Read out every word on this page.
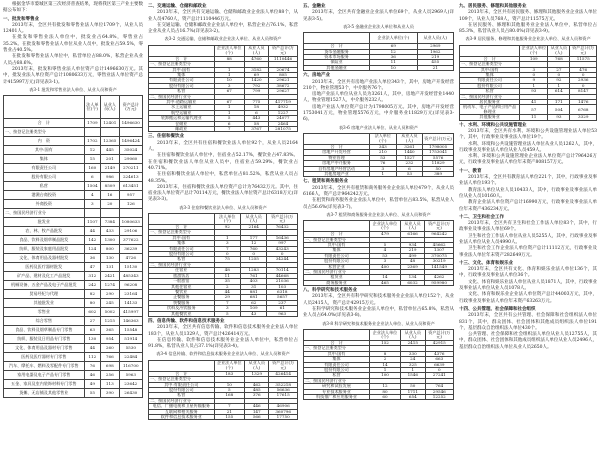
根据金华市婺城区第三次经济普查结果，现将我区第三产业主要数据公布如下：

一、批发和零售业

2013年末，全区共有批发和零售业法人单位1709个，从业人员12401人。

在批发和零售业法人单位中，批发业占64.8%，零售业占35.2%。在批发和零售业法人单位从业人员中，批发业占59.5%，零售业占40.5%。

在批发和零售业法人单位中，私营单位占88.0%，私营企业从业人员占68.6%。

2013年末，批发和零售业法人单位资产总计1496630万元。其中，批发业法人单位资产总计1080633万元，零售业法人单位资产总计415997万元(详见表3-1)。

表3-1 批发和零售业法人单位、从业人员和资产
	法人单位(个)	从业人员(人)	资产总计(万元)
合　计	1709	12401	1496630
一、按登记注册类型分			
内　资	1702	12365	1496424
其中:国有	12	445	35024
集体	15	201	29060
有限责任公司	160	2149	270211
股份有限公司	6	986	224613
私营	1504	8509	613451
港澳台商投资	4	16	957
外商投资	3	20	126
二、按国民经济行业分			
批发业	1107	7384	1080633
农、林、牧产品批发	44	433	29106
食品、饮料及烟草制品批发	142	1300	377622
纺织、服装及家庭用品批发	124	800	36239
文化、体育用品及器材批发	36	130	4726
医药及医疗器材批发	47	131	15130
矿产品、建材及化工产品批发	312	2421	485343
机械设备、五金产品及电子产品批发	242	1274	96208
贸易经纪与代理	82	290	23164
其他批发业	80	245	14133
零售业	602	5002	415997
综合零售	27	1215	146363
食品、饮料及烟草制品专门零售	63	365	15548
纺织、服装及日用品专门零售	130	954	51914
文化、体育用品及器材专门零售	44	260	5530
医药及医疗器材专门零售	112	766	22484
汽车、摩托车、燃料及零配件专门零售	76	698	116700
家用电器及电子产品专门零售	46	256	5963
五金、家具及室内装饰材料专门零售	49	113	23642
货摊、无店铺及其他零售业	55	390	26430
二、交通运输、仓储和邮政业

2013年末，全区共有交通运输、仓储和邮政业企业法人单位88个，从业人员4760人，资产总计1110446万元。

在交通运输、仓储和邮政业企业法人单位中，私营企业占76.1%，私营企业从业人员占16.7%(详见表3-2)。

表3-2 交通运输、仓储和邮政业企业法人单位、从业人员和资产
	企业法人单位(个)	从业人员(人)	资产总计(万元)
合　计	88	4760	1110446
一、按登记注册类型分			
其中:国有	1	3182	20674
集体	1	69	805
有限责任公司	10	1420	29621
股份有限公司	3	792	38672
私营	67	799	29627
二、按国民经济行业分			
其中:道路运输业	67	775	417719
水上运输业	1	18	4932
航空运输业	1	6	1227
装卸搬运和运输代理业	5	443	24077
仓储业	6	58	2464
邮政业	7	3767	281075
三、住宿和餐饮业

2013年末，全区共有住宿和餐饮业法人单位92个，从业人员2164人。

在住宿和餐饮业法人单位中，住宿业占52.17%，餐饮业占47.83%。在住宿和餐饮业法人单位从业人员中，住宿业占59.29%，餐饮业占40.71%。

在住宿和餐饮业法人单位中，私营单位占81.52%，私营从业人员占48.35%。

2013年末，住宿和餐饮业法人单位资产总计为76432万元。其中，住宿业法人单位资产总计70114万元，餐饮业法人单位资产总计6318万元(详见表3-3)。

表3-3 住宿和餐饮业法人单位、从业人员和资产
	法人单位(个)	从业人员(人)	资产总计(万元)
合　计	92	2164	76432
一、按登记注册类型分			
其中:国有	1	177	16436
集体	3	12	997
有限责任公司	7	760	43243
股份有限公司	0	0	0
私营	75	1255	34244
二、按国民经济行业分			
住宿业	48	1283	70114
旅游饭店	11	761	44668
一般旅馆	35	403	21036
其他住宿业	2	31	103
餐饮业	44	881	6318
正餐服务	29	681	5657
快餐服务	7	62	237
饮料及冷饮服务	3	109	61
其他餐饮业	5	43	963
四、信息传输、软件和信息技术服务业

2013年末，全区共有信息传输、软件和信息技术服务业企业法人单位183个，从业人员1329人，资产总计426414万元。

在信息传输、软件和信息技术服务业企业法人单位中，私营单位占91.8%，私营从业人员占37.1%(详见表3-4)。

表3-4 信息传输、软件和信息技术服务业企业法人单位、从业人员和资产
	企业法人单位(个)	从业人员(人)	资产总计(万元)
合　计	183	1329	426414
一、按登记注册类型分			
其中:有限责任公司	10	462	352218
股份有限公司	5	485	56636
私营	168	376	17615
二、按国民经济行业分			
电信、广播电视和卫星传输服务	7	446	46906
互联网和相关服务	21	147	360796
软件和信息技术服务业	155	566	17750
五、金融业

2013年末，全区共有金融业企业法人单位69个，从业人员2969人(详见表3-5)。

表3-5 金融业企业法人单位和从业人员
	企业法人单位(个)	从业人员(人)
合　计	69	2969
货币金融服务	12	1962
资本市场服务	36	219
保险业	11	455
其他金融业	10	21
六、房地产业

2013年末，全区共有房地产业法人单位343个，其中，房地产开发经营210个，物业管理53个，中介服务76个。

房地产业法人单位从业人员为3261人，其中，房地产开发经营业1440人，物业管理1527人，中介服务232人。

房地产业法人单位资产总计为1798005万元。其中，房地产开发经营1753041万元，物业管理5576万元，中介服务业11829万元(详见表3-6)。

表3-6 房地产业法人单位、从业人员和资产
	法人单位(个)	从业人员(人)	资产总计(万元)
合　计	343	3261	1798005
房地产开发经营	210	1440	1753041
物业管理	53	1527	5576
房地产中介服务	76	232	11829
自有房地产经营活动	3	6	50
其他房地产业	1	53	389
七、租赁和商务服务业

2013年末，全区共有租赁和商务服务业企业法人单位479个，从业人员6166人，资产总计964242万元。

在租赁和商务服务业企业法人单位中，私营单位占83.5%，私营从业人员占56.6%(详见表3-7)。

表3-7 租赁和商务服务业企业法人单位、从业人员和资产
	企业法人单位(个)	从业人员(人)	资产总计(万元)
合　计	479	6166	964242
一、按登记注册类型分			
其中:国有	5	934	45662
集体	4	219	1307
有限责任公司	53	499	370075
股份有限公司	3	48	30219
私营企业	400	2369	141549
二、按国民经济行业分			
租赁业	14	134	4262
商务服务业	465	6032	959980
八、科学研究和技术服务业

2013年末，全区共有科学研究和技术服务业企业法人单位152个，从业人员2415人，资产总计42915万元。

在科学研究和技术服务业企业法人单位中，私营单位占65.8%，私营从业人员占64.0%(详见表3-8)。

表3-8 科学研究和技术服务业企业法人单位、从业人员和资产
	企业法人单位(个)	从业人员(人)	资产总计(万元)
合　计	152	2415	42915
一、按登记注册类型分			
其中:国有	8	330	4376
集体	2	24	663
有限责任公司	14	325	6639
股份有限公司	1	1	0
私营	100	1546	27241
二、按国民经济行业分			
研究和试验发展	12	50	764
专业技术服务业	80	1711	29546
科技推广和应用服务业	60	654	12252
九、居民服务、修理和其他服务业

2013年末，全区共有居民服务、修理和其他服务业企业法人单位109个，从业人员768人，资产总计11575万元。

在居民服务、修理和其他服务业企业法人单位中，私营单位占85.3%，私营从业人员占80.0%(详见表3-9)。

表3-9 居民服务、修理和其他服务业企业法人单位、从业人员和资产
	企业法人单位(个)	从业人员(人)	资产总计(万元)
合　计	109	768	11575
一、按登记注册类型分			
其中:国有	3	27	476
集体	0	0	0
有限责任公司	9	92	2936
股份有限公司	1	1	0
私营	93	614	8147
二、按国民经济行业分			
居民服务业	41	171	1476
机动车、电子产品和日用产品修理业	57	504	6768
其他服务业	11	93	3329
十、水利、环境和公共设施管理业

2013年末，全区共有水利、环境和公共设施管理业法人单位53个，其中，行政事业及事业法人单位19个。

水利、环境和公共设施管理业法人单位从业人员1262人，其中，行政事业及事业法人单位从业人员459人。

水利、环境和公共设施管理业企业法人单位资产总计796426万元，行政事业及事业法人单位年末资产808157万元。

十一、教育

2013年末，全区共有教育法人单位221个，其中，行政事业及事业法人单位193个。

教育法人单位从业人员10433人，其中，行政事业及事业法人单位从业人员10160人。

教育企业法人单位资产总计16990万元，行政事业及事业法人单位年末资产436234万元。

十二、卫生和社会工作

2013年末，全区共有卫生和社会工作法人单位83个，其中，行政事业及事业法人单位69个。

卫生和社会工作法人单位从业人员5255人，其中，行政事业及事业法人单位从业人员4990人。

卫生和社会工作企业法人单位资产总计11112万元，行政事业及事业法人单位年末资产282649万元。

十三、文化、体育和娱乐业

2013年末，全区共有文化、体育和娱乐业法人单位136个，其中，行政事业及事业法人单位36个。

文化、体育和娱乐业法人单位从业人员1871人，其中，行政事业及事业法人单位从业人员1078人。

文化、体育和娱乐业企业法人单位资产总计44003万元，其中，行政事业及事业法人单位年末资产63263万元。

十四、公共管理、社会保障和社会组织

2013年末，全区共有公共管理、社会保障和社会组织法人单位831个，其中，群众团体、社会团体和其他成员组织法人单位191个，基层群众自治组织法人单位430个。

公共管理、社会保障和社会组织法人单位从业人员12755人，其中，群众团体、社会团体和其他成员组织法人单位从业人员2496人，基层群众自治组织法人单位从业人员2650人。
